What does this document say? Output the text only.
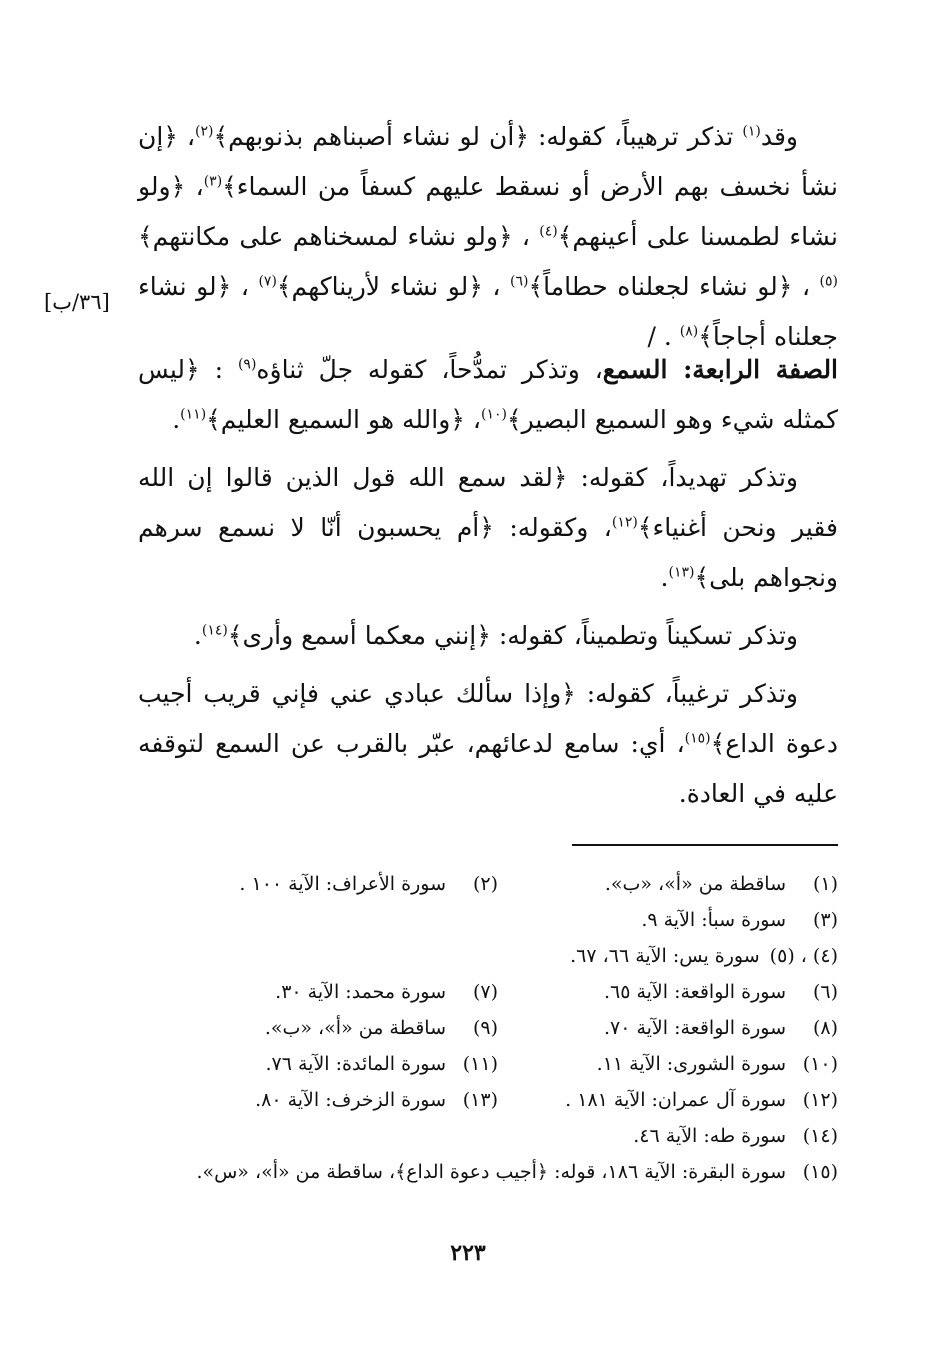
وقد$^{(١)}$ تذكر ترهيباً، كقوله: ﴿أن لو نشاء أصبناهم بذنوبهم﴾$^{(٢)}$، ﴿إن نشأ نخسف بهم الأرض أو نسقط عليهم كسفاً من السماء﴾$^{(٣)}$، ﴿ولو نشاء لطمسنا على أعينهم﴾$^{(٤)}$ ، ﴿ولو نشاء لمسخناهم على مكانتهم﴾$^{(٥)}$ ، ﴿لو نشاء لجعلناه حطاماً﴾$^{(٦)}$ ، ﴿لو نشاء لأريناكهم﴾$^{(٧)}$ ، ﴿لو نشاء جعلناه أجاجاً﴾$^{(٨)}$ . /

[٣٦/ب]

الصفة الرابعة: السمع، وتذكر تمدُّحاً، كقوله جلّ ثناؤه$^{(٩)}$ : ﴿ليس كمثله شيء وهو السميع البصير﴾$^{(١٠)}$، ﴿والله هو السميع العليم﴾$^{(١١)}$.

وتذكر تهديداً، كقوله: ﴿لقد سمع الله قول الذين قالوا إن الله فقير ونحن أغنياء﴾$^{(١٢)}$، وكقوله: ﴿أم يحسبون أنّا لا نسمع سرهم ونجواهم بلى﴾$^{(١٣)}$.

وتذكر تسكيناً وتطميناً، كقوله: ﴿إنني معكما أسمع وأرى﴾$^{(١٤)}$.

وتذكر ترغيباً، كقوله: ﴿وإذا سألك عبادي عني فإني قريب أجيب دعوة الداع﴾$^{(١٥)}$، أي: سامع لدعائهم، عبّر بالقرب عن السمع لتوقفه عليه في العادة.

(١)ساقطة من «أ»، «ب».
(٢)سورة الأعراف: الآية ١٠٠ .
(٣)سورة سبأ: الآية ٩.
(٤) ، (٥)سورة يس: الآية ٦٦، ٦٧.
(٦)سورة الواقعة: الآية ٦٥.
(٧)سورة محمد: الآية ٣٠.
(٨)سورة الواقعة: الآية ٧٠.
(٩)ساقطة من «أ»، «ب».
(١٠)سورة الشورى: الآية ١١.
(١١)سورة المائدة: الآية ٧٦.
(١٢)سورة آل عمران: الآية ١٨١ .
(١٣)سورة الزخرف: الآية ٨٠.
(١٤)سورة طه: الآية ٤٦.
(١٥)سورة البقرة: الآية ١٨٦، قوله: ﴿أجيب دعوة الداع﴾، ساقطة من «أ»، «س».
٢٢٣
